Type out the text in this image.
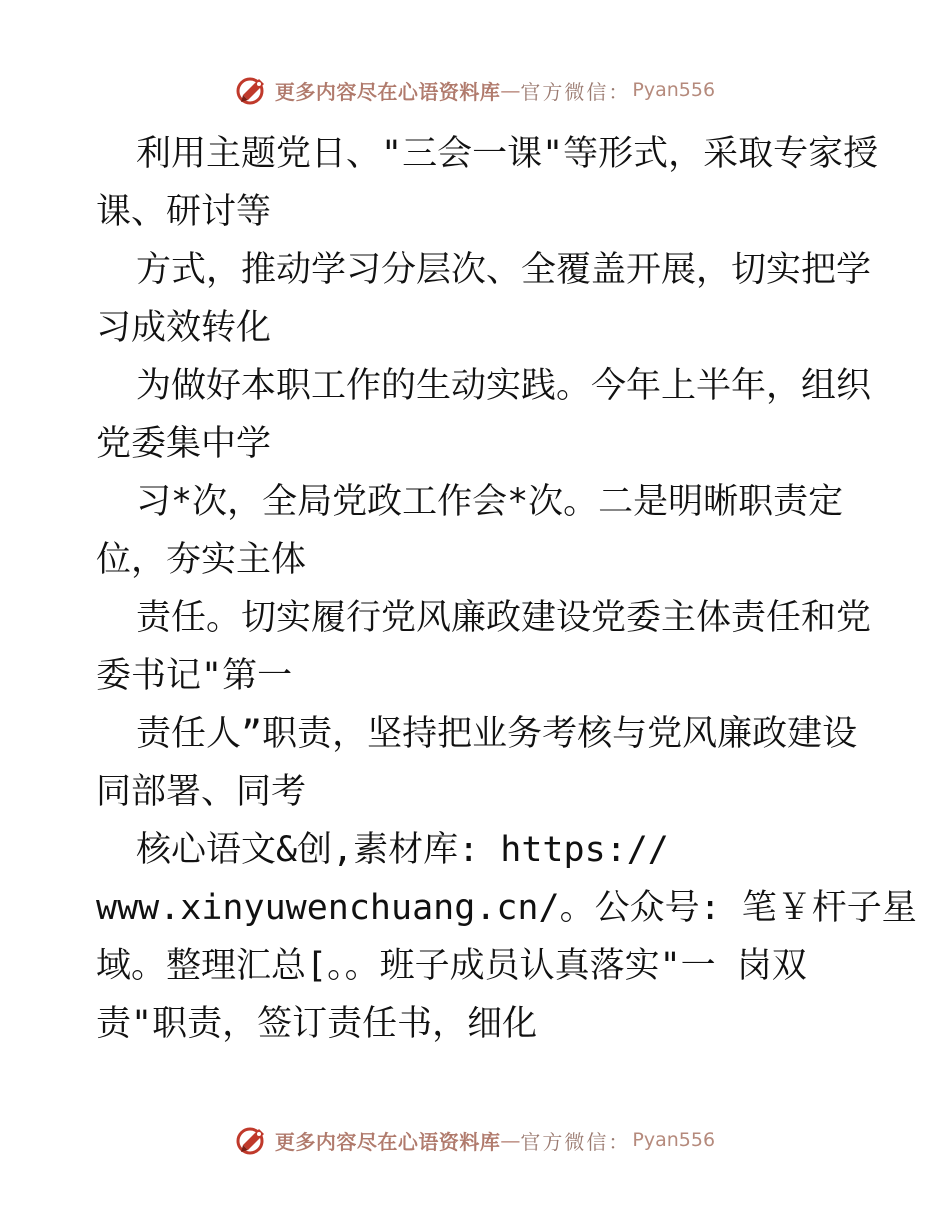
更多内容尽在心语资料库 — 官方微信： Pyan556
利用主题党日、"三会一课"等形式，采取专家授
课、研讨等
方式，推动学习分层次、全覆盖开展，切实把学
习成效转化
为做好本职工作的生动实践。今年上半年，组织
党委集中学
习*次，全局党政工作会*次。二是明晰职责定
位，夯实主体
责任。切实履行党风廉政建设党委主体责任和党
委书记"第一
责任人”职责，坚持把业务考核与党风廉政建设
同部署、同考
核心语文&创,素材库: https://
www.xinyuwenchuang.cn/。公众号: 笔￥杆子星
域。整理汇总[。。班子成员认真落实"一 岗双
责"职责，签订责任书，细化
更多内容尽在心语资料库 — 官方微信： Pyan556
